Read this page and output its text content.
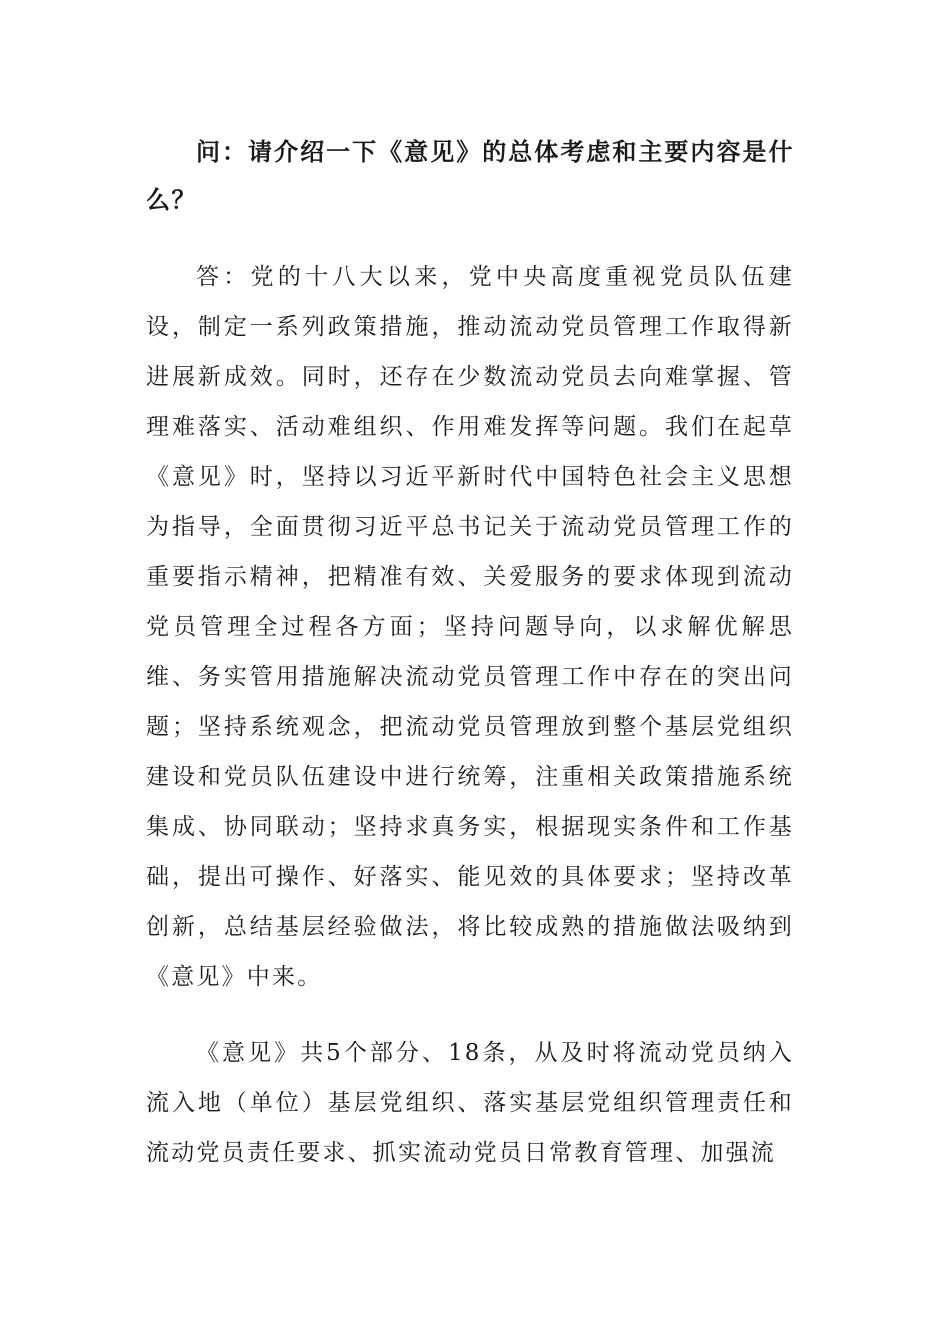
问：请介绍一下《意见》的总体考虑和主要内容是什么？

答：党的十八大以来，党中央高度重视党员队伍建设，制定一系列政策措施，推动流动党员管理工作取得新进展新成效。同时，还存在少数流动党员去向难掌握、管理难落实、活动难组织、作用难发挥等问题。我们在起草《意见》时，坚持以习近平新时代中国特色社会主义思想为指导，全面贯彻习近平总书记关于流动党员管理工作的重要指示精神，把精准有效、关爱服务的要求体现到流动党员管理全过程各方面；坚持问题导向，以求解优解思维、务实管用措施解决流动党员管理工作中存在的突出问题；坚持系统观念，把流动党员管理放到整个基层党组织建设和党员队伍建设中进行统筹，注重相关政策措施系统集成、协同联动；坚持求真务实，根据现实条件和工作基础，提出可操作、好落实、能见效的具体要求；坚持改革创新，总结基层经验做法，将比较成熟的措施做法吸纳到《意见》中来。

《意见》共5个部分、18条，从及时将流动党员纳入流入地（单位）基层党组织、落实基层党组织管理责任和流动党员责任要求、抓实流动党员日常教育管理、加强流
